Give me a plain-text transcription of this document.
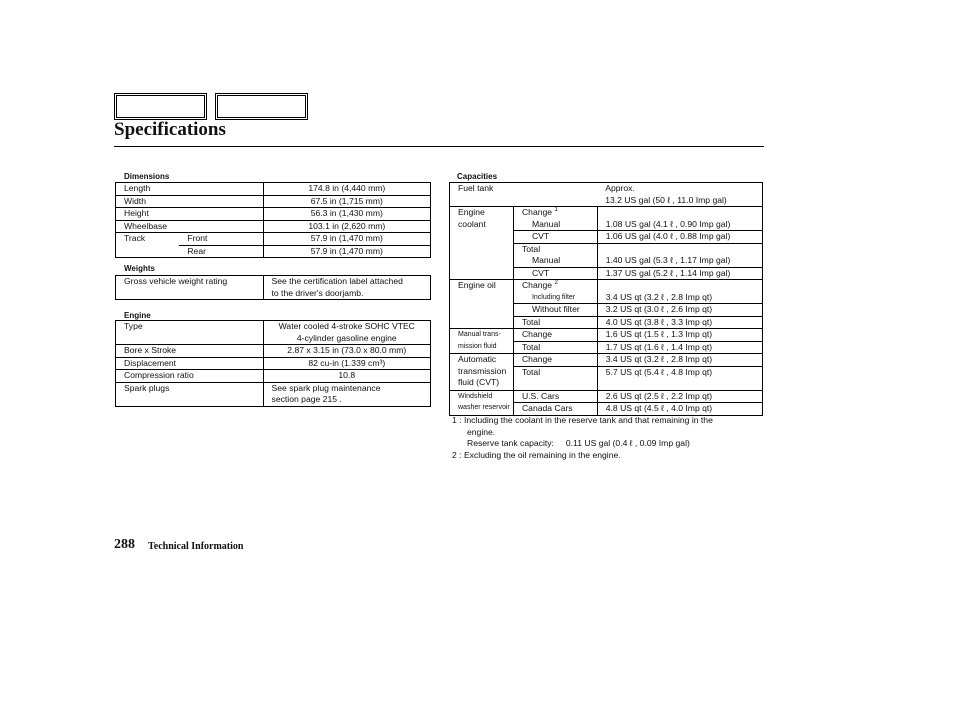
Specifications
Dimensions
Length		174.8 in (4,440 mm)
Width		67.5 in (1,715 mm)
Height		56.3 in (1,430 mm)
Wheelbase		103.1 in (2,620 mm)
Track	Front	57.9 in (1,470 mm)
	Rear	57.9 in (1,470 mm)
Weights
Gross vehicle weight rating	See the certification label attached
to the driver's doorjamb.
Engine
Type	Water cooled 4-stroke SOHC VTEC
4-cylinder gasoline engine

Bore x Stroke	2.87 x 3.15 in (73.0 x 80.0 mm)
Displacement	82 cu-in (1.339 cm³)
Compression ratio	10.8
Spark plugs	See spark plug maintenance
section page 215 .
Capacities
Fuel tank		Approx.
13.2 US gal (50 ℓ , 11.0 Imp gal)

Engine
coolant	Change $^1$	
	Manual	1.08 US gal (4.1 ℓ , 0.90 Imp gal)
	CVT	1.06 US gal (4.0 ℓ , 0.88 Imp gal)
	Total	
	Manual	1.40 US gal (5.3 ℓ , 1.17 Imp gal)
	CVT	1.37 US gal (5.2 ℓ , 1.14 Imp gal)
Engine oil	Change $^2$	
	Including filter	3.4 US qt (3.2 ℓ , 2.8 Imp qt)
	Without filter	3.2 US qt (3.0 ℓ , 2.6 Imp qt)
	Total	4.0 US qt (3.8 ℓ , 3.3 Imp qt)

Manual trans-
mission fluid	Change	1.6 US qt (1.5 ℓ , 1.3 Imp qt)
	Total	1.7 US qt (1.6 ℓ , 1.4 Imp qt)

Automatic
transmission
fluid (CVT)	Change	3.4 US qt (3.2 ℓ , 2.8 Imp qt)
	Total	5.7 US qt (5.4 ℓ , 4.8 Imp qt)

Windshield
washer reservoir	U.S. Cars	2.6 US qt (2.5 ℓ , 2.2 Imp qt)
	Canada Cars	4.8 US qt (4.5 ℓ , 4.0 Imp qt)
1 : Including the coolant in the reserve tank and that remaining in the
engine.
Reserve tank capacity: 0.11 US gal (0.4 ℓ , 0.09 Imp gal)
2 : Excluding the oil remaining in the engine.
288 Technical Information
